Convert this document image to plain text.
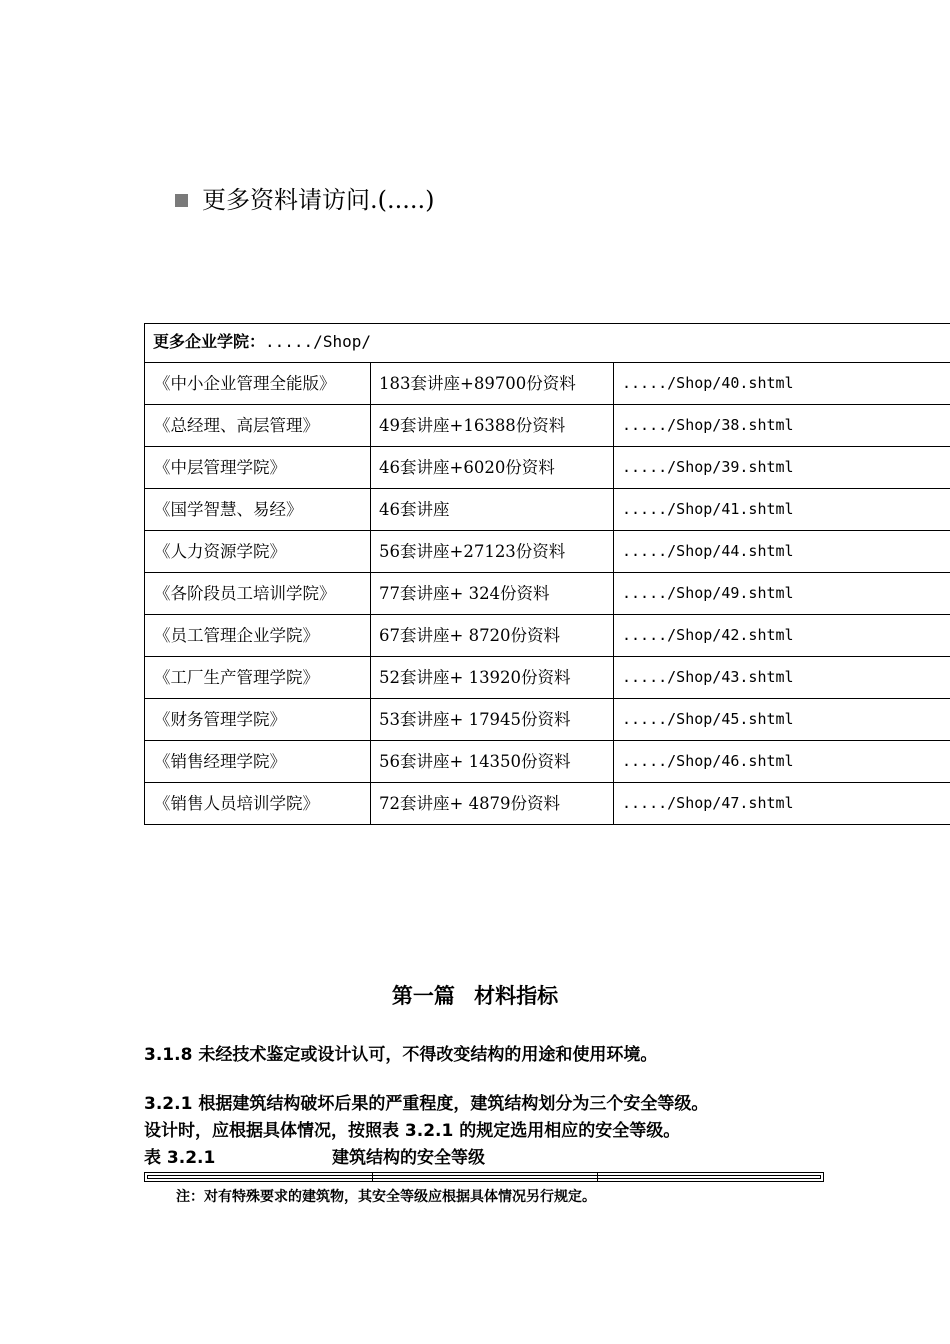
更多资料请访问.(.....)
更多企业学院：...../Shop/		
《中小企业管理全能版》	183套讲座+89700份资料	...../Shop/40.shtml
《总经理、高层管理》	49套讲座+16388份资料	...../Shop/38.shtml
《中层管理学院》	46套讲座+6020份资料	...../Shop/39.shtml
《国学智慧、易经》	46套讲座	...../Shop/41.shtml
《人力资源学院》	56套讲座+27123份资料	...../Shop/44.shtml
《各阶段员工培训学院》	77套讲座+ 324份资料	...../Shop/49.shtml
《员工管理企业学院》	67套讲座+ 8720份资料	...../Shop/42.shtml
《工厂生产管理学院》	52套讲座+ 13920份资料	...../Shop/43.shtml
《财务管理学院》	53套讲座+ 17945份资料	...../Shop/45.shtml
《销售经理学院》	56套讲座+ 14350份资料	...../Shop/46.shtml
《销售人员培训学院》	72套讲座+ 4879份资料	...../Shop/47.shtml
第一篇 材料指标
3.1.8 未经技术鉴定或设计认可，不得改变结构的用途和使用环境。
3.2.1 根据建筑结构破坏后果的严重程度，建筑结构划分为三个安全等级。
设计时，应根据具体情况，按照表 3.2.1 的规定选用相应的安全等级。
表 3.2.1	建筑结构的安全等级
注：对有特殊要求的建筑物，其安全等级应根据具体情况另行规定。
